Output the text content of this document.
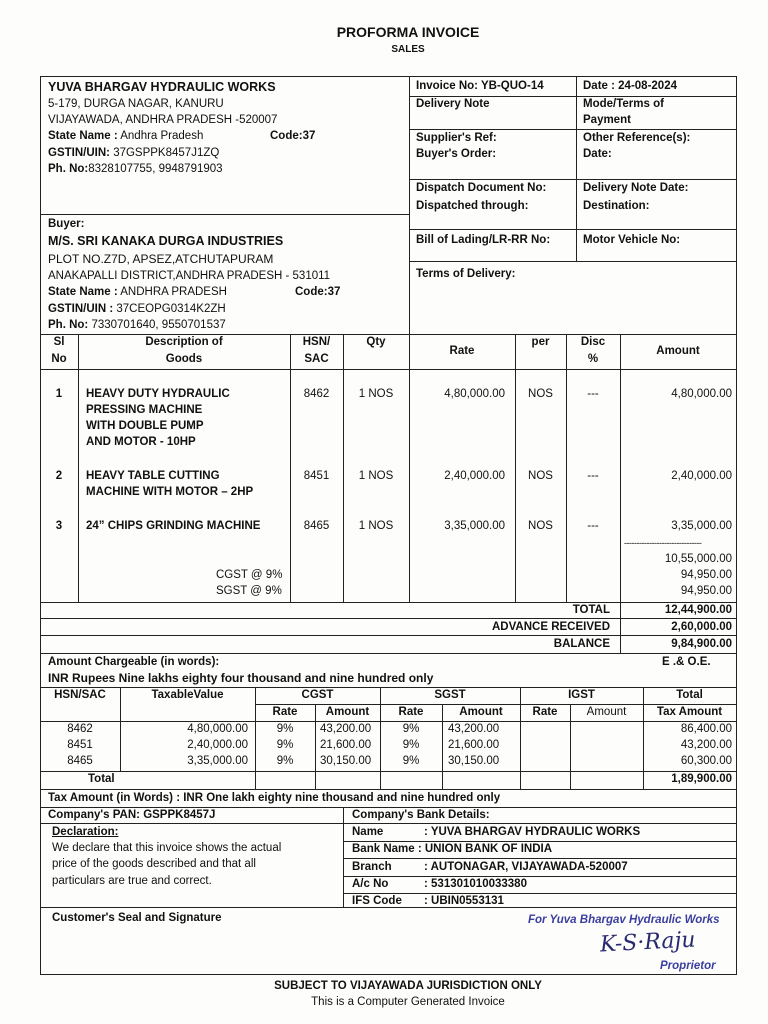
PROFORMA INVOICE
SALES
YUVA BHARGAV HYDRAULIC WORKS
5-179, DURGA NAGAR, KANURU
VIJAYAWADA, ANDHRA PRADESH -520007
State Name : Andhra Pradesh	Code:37
GSTIN/UIN: 37GSPPK8457J1ZQ
Ph. No:8328107755, 9948791903
Invoice No: YB-QUO-14	Date : 24-08-2024
Delivery Note	Mode/Terms of
Payment
Supplier's Ref:	Other Reference(s):
Buyer's Order:	Date:
Dispatch Document No:	Delivery Note Date:
Dispatched through:	Destination:
Bill of Lading/LR-RR No:	Motor Vehicle No:
Terms of Delivery:
Buyer:
M/S. SRI KANAKA DURGA INDUSTRIES
PLOT NO.Z7D, APSEZ,ATCHUTAPURAM
ANAKAPALLI DISTRICT,ANDHRA PRADESH - 531011
State Name : ANDHRA PRADESH	Code:37
GSTIN/UIN : 37CEOPG0314K2ZH
Ph. No: 7330701640, 9550701537
Sl
No
Description of
Goods
HSN/
SAC
Qty
Rate
per	Disc
%
Amount
1	HEAVY DUTY HYDRAULIC
PRESSING MACHINE
WITH DOUBLE PUMP
AND MOTOR - 10HP
8462	1 NOS	4,80,000.00	NOS	---	4,80,000.00
2	HEAVY TABLE CUTTING
MACHINE WITH MOTOR – 2HP
8451	1 NOS	2,40,000.00	NOS	---	2,40,000.00
3	24” CHIPS GRINDING MACHINE	8465	1 NOS	3,35,000.00	NOS	---	3,35,000.00
-------------------------------
10,55,000.00
CGST @ 9%	94,950.00
SGST @ 9%	94,950.00
TOTAL	12,44,900.00
ADVANCE RECEIVED	2,60,000.00
BALANCE	9,84,900.00
Amount Chargeable (in words):	E .& O.E.
INR Rupees Nine lakhs eighty four thousand and nine hundred only
HSN/SAC	TaxableValue	CGST	SGST	IGST	Total
Rate	Amount	Rate	Amount	Rate	Amount	Tax Amount
8462	4,80,000.00	9%	43,200.00	9%	43,200.00	86,400.00
8451	2,40,000.00	9%	21,600.00	9%	21,600.00	43,200.00
8465	3,35,000.00	9%	30,150.00	9%	30,150.00	60,300.00
Total	1,89,900.00
Tax Amount (in Words) : INR One lakh eighty nine thousand and nine hundred only
Company's PAN: GSPPK8457J	Company's Bank Details:
Name	: YUVA BHARGAV HYDRAULIC WORKS
Bank Name : UNION BANK OF INDIA
Branch	: AUTONAGAR, VIJAYAWADA-520007
A/c No	: 531301010033380
IFS Code : UBIN0553131
Declaration:
We declare that this invoice shows the actual
price of the goods described and that all
particulars are true and correct.
Customer's Seal and Signature	For Yuva Bhargav Hydraulic Works
K-S·Raju
Proprietor
SUBJECT TO VIJAYAWADA JURISDICTION ONLY
This is a Computer Generated Invoice
